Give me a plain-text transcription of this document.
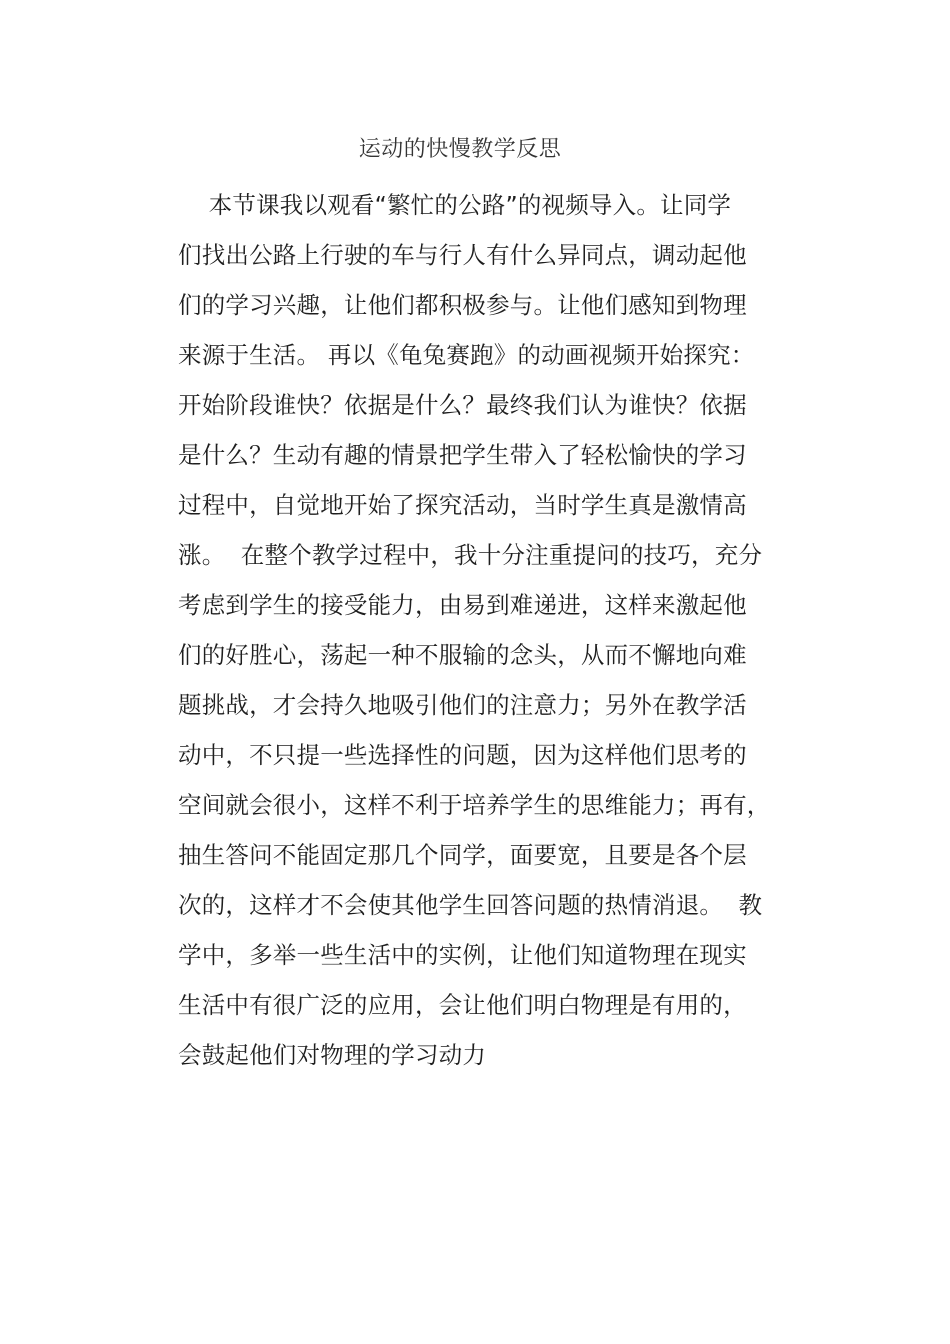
运动的快慢教学反思
本节课我以观看“繁忙的公路”的视频导入。让同学
们找出公路上行驶的车与行人有什么异同点，调动起他
们的学习兴趣，让他们都积极参与。让他们感知到物理
来源于生活。 再以《龟兔赛跑》的动画视频开始探究：
开始阶段谁快？依据是什么？最终我们认为谁快？依据
是什么？生动有趣的情景把学生带入了轻松愉快的学习
过程中，自觉地开始了探究活动，当时学生真是激情高
涨。  在整个教学过程中，我十分注重提问的技巧，充分
考虑到学生的接受能力，由易到难递进，这样来激起他
们的好胜心，荡起一种不服输的念头，从而不懈地向难
题挑战，才会持久地吸引他们的注意力；另外在教学活
动中，不只提一些选择性的问题，因为这样他们思考的
空间就会很小，这样不利于培养学生的思维能力；再有，
抽生答问不能固定那几个同学，面要宽，且要是各个层
次的，这样才不会使其他学生回答问题的热情消退。  教
学中，多举一些生活中的实例，让他们知道物理在现实
生活中有很广泛的应用，会让他们明白物理是有用的，
会鼓起他们对物理的学习动力
